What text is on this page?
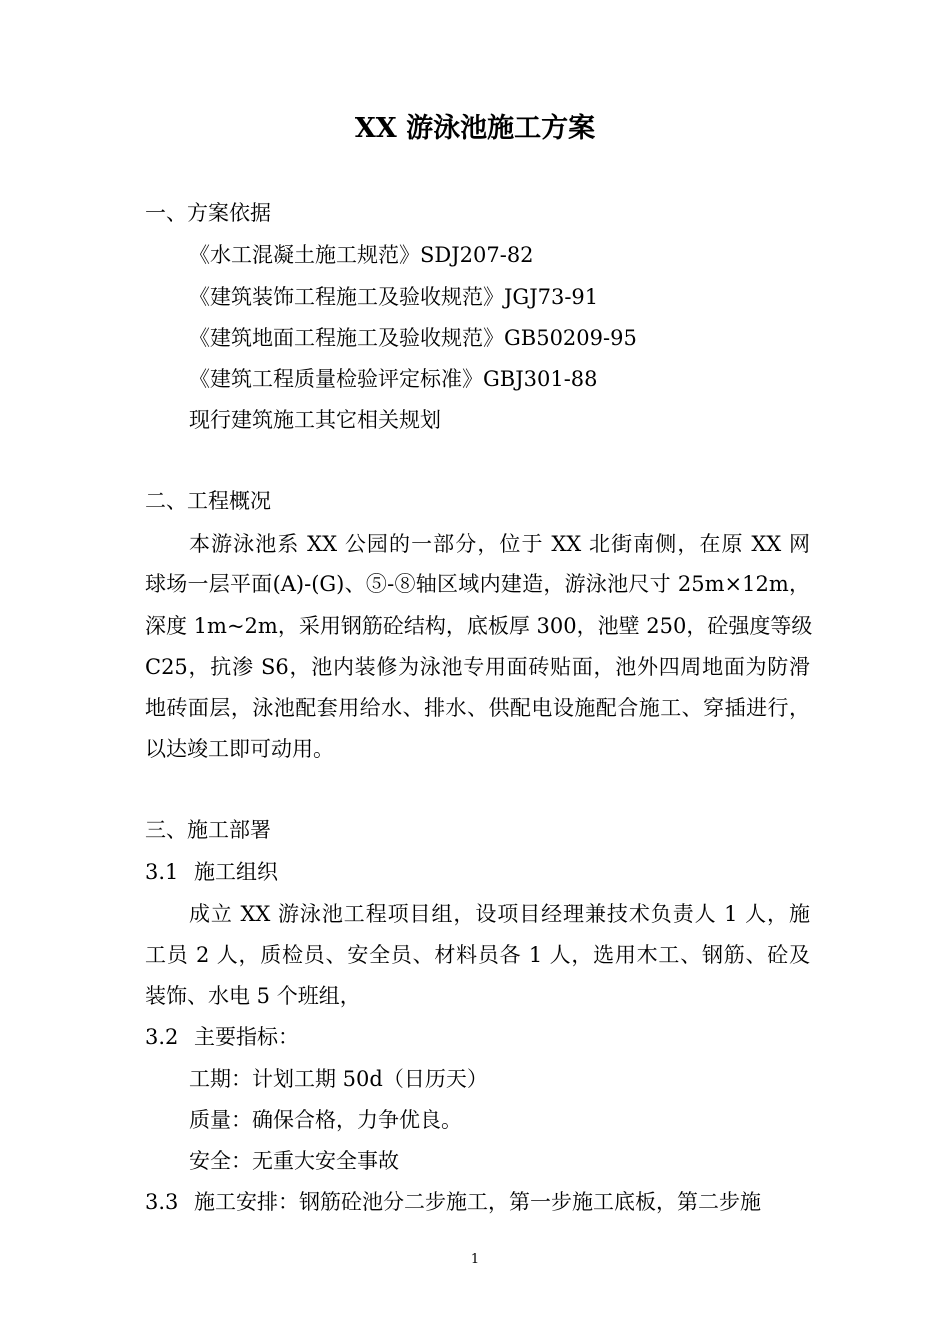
XX 游泳池施工方案
一、方案依据
《水工混凝土施工规范》SDJ207-82
《建筑装饰工程施工及验收规范》JGJ73-91
《建筑地面工程施工及验收规范》GB50209-95
《建筑工程质量检验评定标准》GBJ301-88
现行建筑施工其它相关规划
二、工程概况
本游泳池系 XX 公园的一部分，位于 XX 北街南侧，在原 XX 网
球场一层平面(A)-(G)、⑤-⑧轴区域内建造，游泳池尺寸 25m×12m，
深度 1m~2m，采用钢筋砼结构，底板厚 300，池壁 250，砼强度等级
C25，抗渗 S6，池内装修为泳池专用面砖贴面，池外四周地面为防滑
地砖面层，泳池配套用给水、排水、供配电设施配合施工、穿插进行，
以达竣工即可动用。
三、施工部署
3.1 施工组织
成立 XX 游泳池工程项目组，设项目经理兼技术负责人 1 人，施
工员 2 人，质检员、安全员、材料员各 1 人，选用木工、钢筋、砼及
装饰、水电 5 个班组，
3.2 主要指标：
工期：计划工期 50d（日历天）
质量：确保合格，力争优良。
安全：无重大安全事故
3.3 施工安排：钢筋砼池分二步施工，第一步施工底板，第二步施
1
